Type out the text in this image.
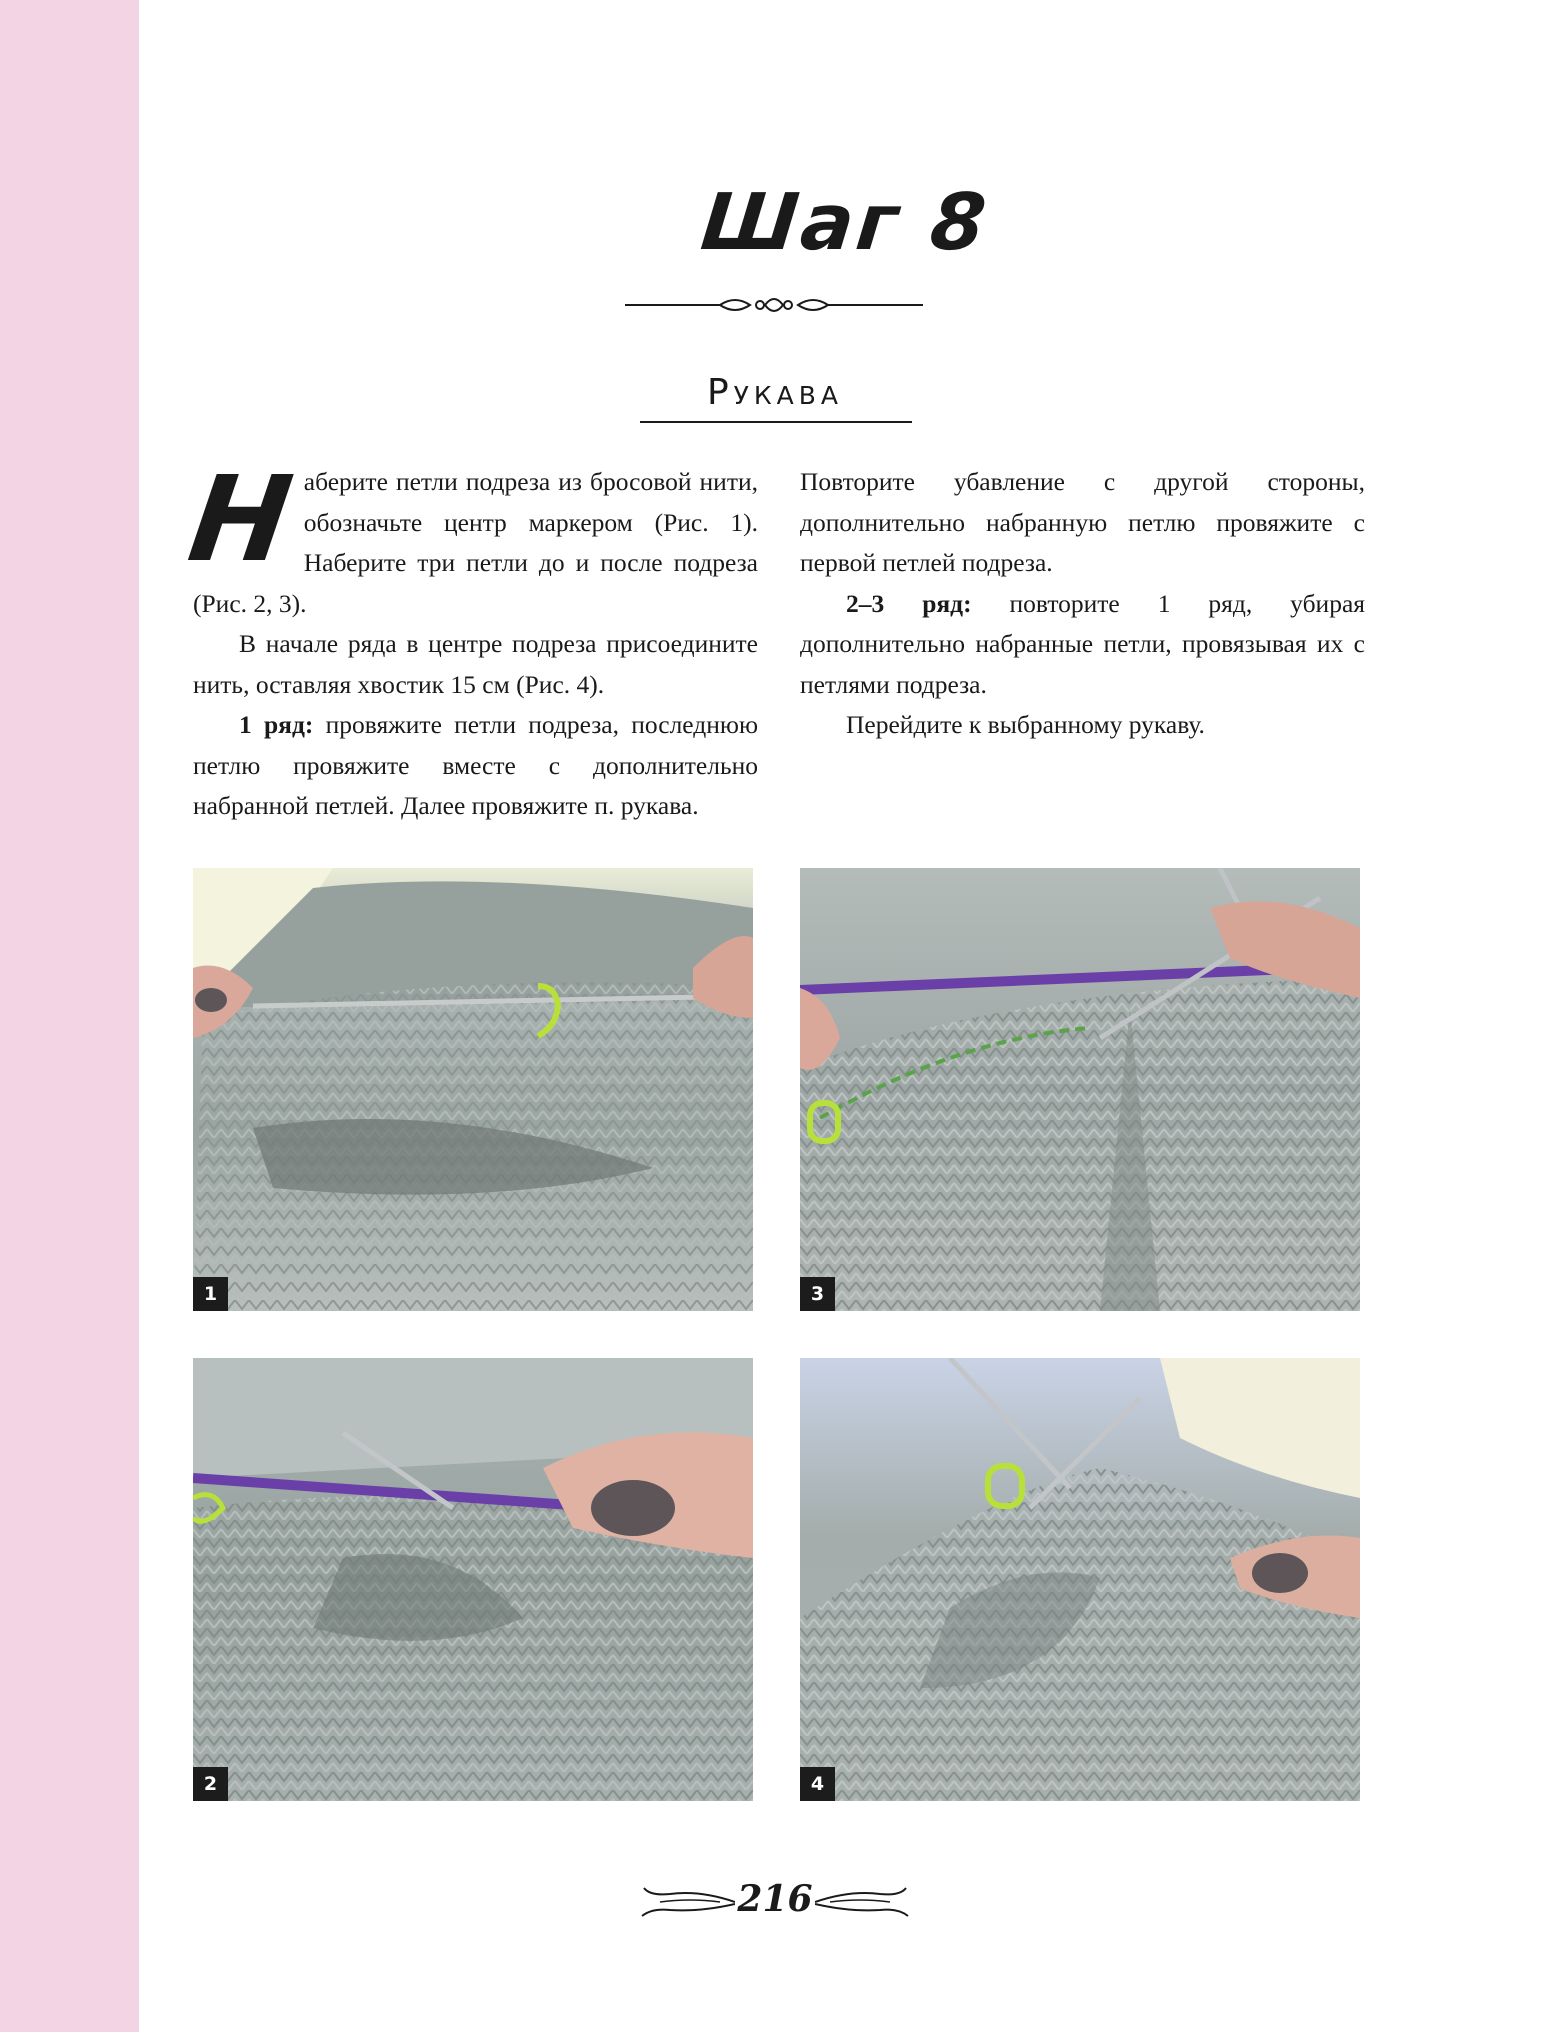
Шаг 8
Рукава

Наберите петли подреза из бросовой нити, обозначьте центр маркером (Рис. 1). Наберите три петли до и после подреза (Рис. 2, 3).

В начале ряда в центре подреза присоедините нить, оставляя хвостик 15 см (Рис. 4).

1 ряд: провяжите петли подреза, последнюю петлю провяжите вместе с дополнительно набранной петлей. Далее провяжите п. рукава.

Повторите убавление с другой стороны, дополнительно набранную петлю провяжите с первой петлей подреза.

2–3 ряд: повторите 1 ряд, убирая дополнительно набранные петли, провязывая их с петлями подреза.

Перейдите к выбранному рукаву.

1	3
2	4
216
